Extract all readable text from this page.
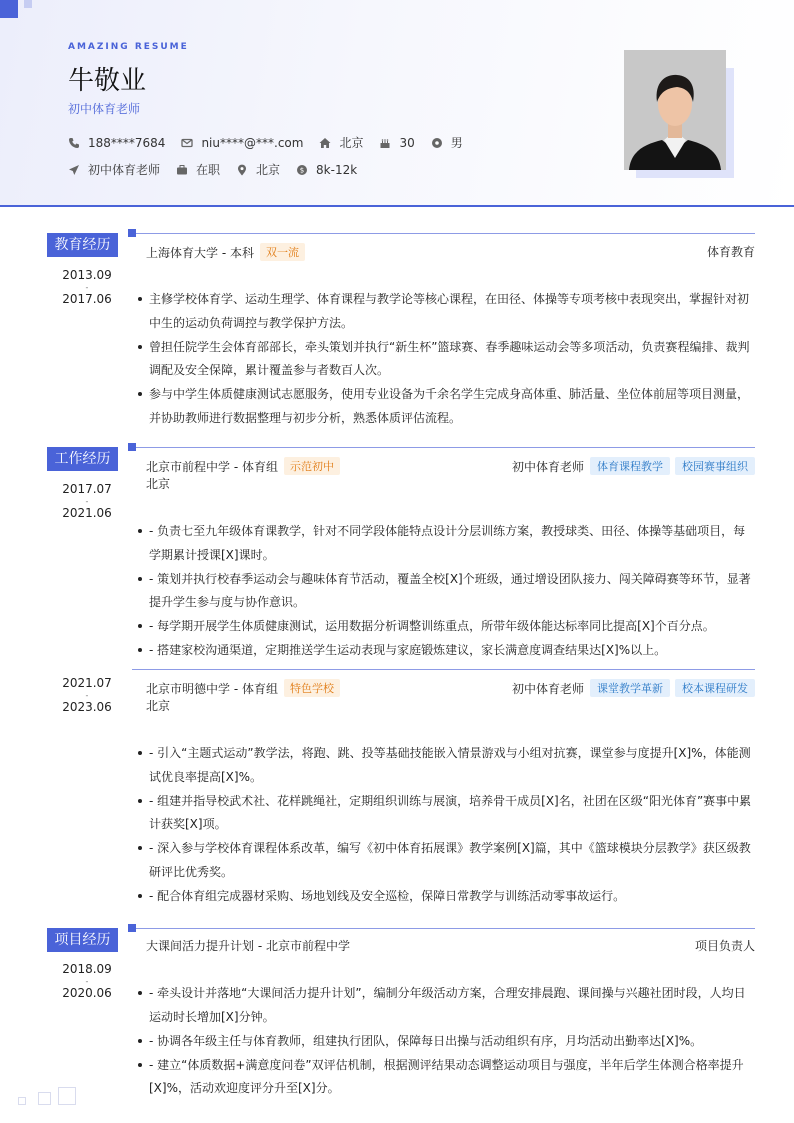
AMAZING RESUME
牛敬业
初中体育老师
188****7684	niu****@***.com	北京	30	男
初中体育老师	在职	北京	$ 8k-12k
教育经历
2013.09
-
2017.06
上海体育大学 - 本科	双一流	体育教育
主修学校体育学、运动生理学、体育课程与教学论等核心课程，在田径、体操等专项考核中表现突出，掌握针对初中生的运动负荷调控与教学保护方法。
曾担任院学生会体育部部长，牵头策划并执行“新生杯”篮球赛、春季趣味运动会等多项活动，负责赛程编排、裁判调配及安全保障，累计覆盖参与者数百人次。
参与中学生体质健康测试志愿服务，使用专业设备为千余名学生完成身高体重、肺活量、坐位体前屈等项目测量，并协助教师进行数据整理与初步分析，熟悉体质评估流程。
工作经历
2017.07
-
2021.06
北京市前程中学 - 体育组	示范初中
北京
初中体育老师	体育课程教学	校园赛事组织
- 负责七至九年级体育课教学，针对不同学段体能特点设计分层训练方案，教授球类、田径、体操等基础项目，每学期累计授课[X]课时。
- 策划并执行校春季运动会与趣味体育节活动，覆盖全校[X]个班级，通过增设团队接力、闯关障碍赛等环节，显著提升学生参与度与协作意识。
- 每学期开展学生体质健康测试，运用数据分析调整训练重点，所带年级体能达标率同比提高[X]个百分点。
- 搭建家校沟通渠道，定期推送学生运动表现与家庭锻炼建议，家长满意度调查结果达[X]%以上。
2021.07
-
2023.06
北京市明德中学 - 体育组	特色学校
北京
初中体育老师	课堂教学革新	校本课程研发
- 引入“主题式运动”教学法，将跑、跳、投等基础技能嵌入情景游戏与小组对抗赛，课堂参与度提升[X]%，体能测试优良率提高[X]%。
- 组建并指导校武术社、花样跳绳社，定期组织训练与展演，培养骨干成员[X]名，社团在区级“阳光体育”赛事中累计获奖[X]项。
- 深入参与学校体育课程体系改革，编写《初中体育拓展课》教学案例[X]篇，其中《篮球模块分层教学》获区级教研评比优秀奖。
- 配合体育组完成器材采购、场地划线及安全巡检，保障日常教学与训练活动零事故运行。
项目经历
2018.09
-
2020.06
大课间活力提升计划 - 北京市前程中学	项目负责人
- 牵头设计并落地“大课间活力提升计划”，编制分年级活动方案，合理安排晨跑、课间操与兴趣社团时段，人均日运动时长增加[X]分钟。
- 协调各年级主任与体育教师，组建执行团队，保障每日出操与活动组织有序，月均活动出勤率达[X]%。
- 建立“体质数据+满意度问卷”双评估机制，根据测评结果动态调整运动项目与强度，半年后学生体测合格率提升[X]%，活动欢迎度评分升至[X]分。
